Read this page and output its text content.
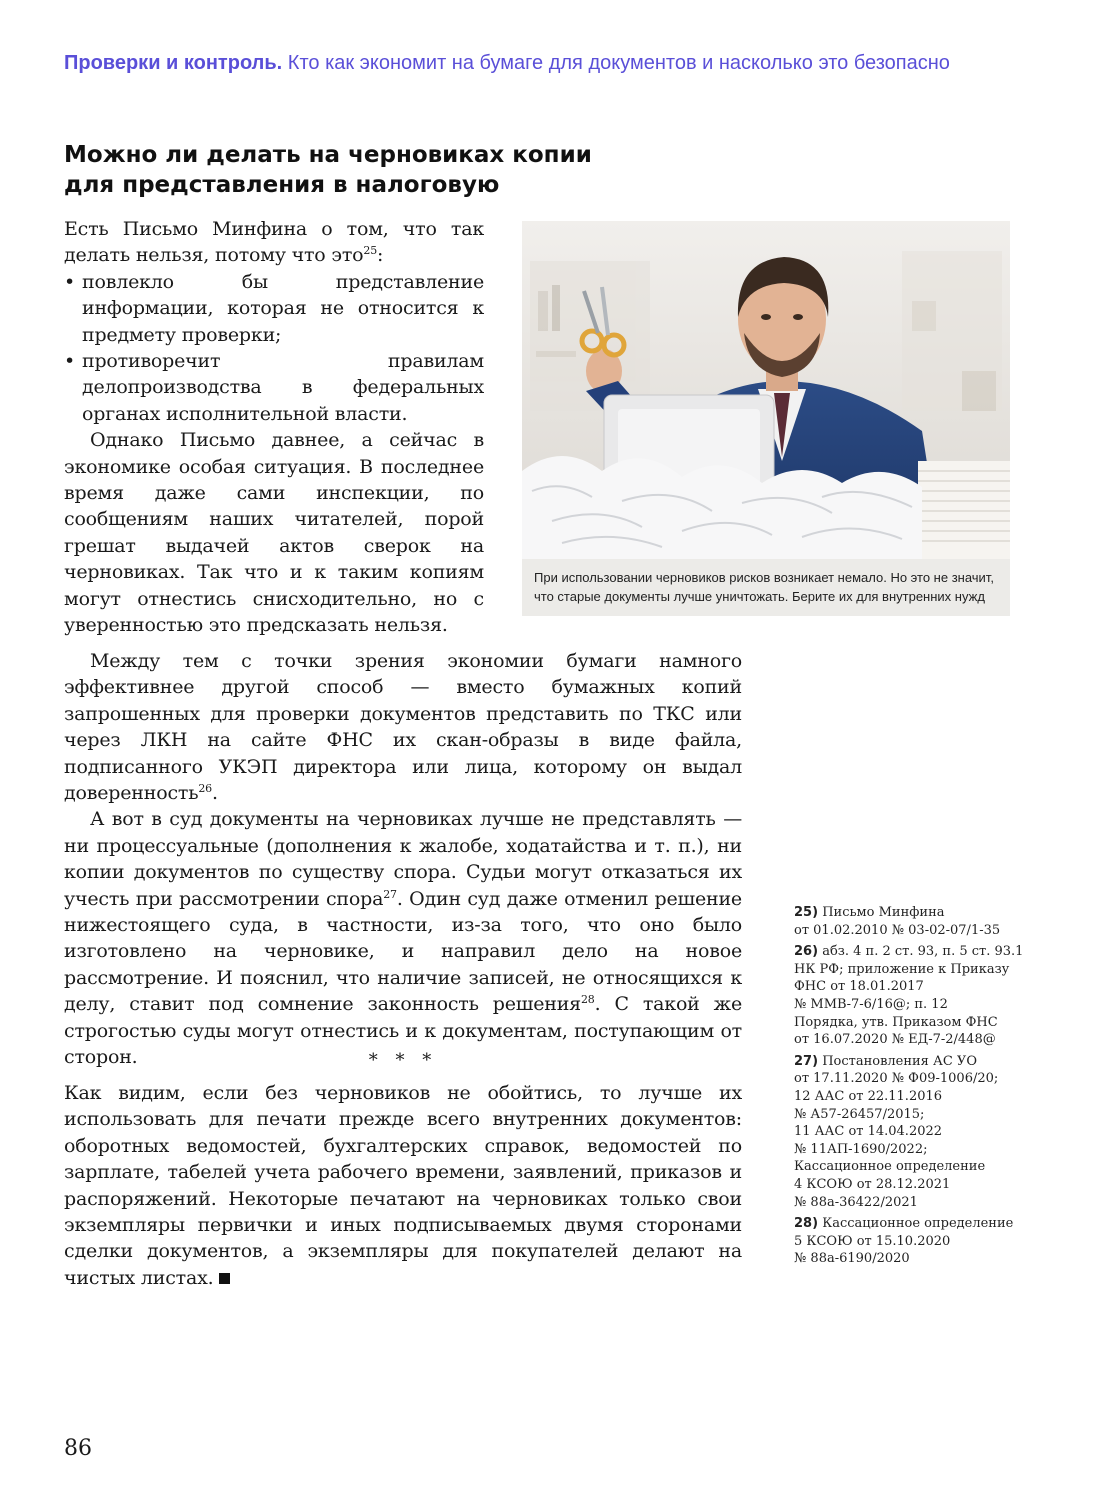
Проверки и контроль. Кто как экономит на бумаге для документов и насколько это безопасно
Можно ли делать на черновиках копии
для представления в налоговую

Есть Письмо Минфина о том, что так делать нельзя, потому что это$^{25}$:

• повлекло бы представление информации, которая не относится к предмету проверки;
• противоречит правилам делопроизводства в федеральных органах исполнительной власти.

Однако Письмо давнее, а сейчас в экономике особая ситуация. В последнее время даже сами инспекции, по сообщениям наших читателей, порой грешат выдачей актов сверок на черновиках. Так что и к таким копиям могут отнестись снисходительно, но с уверенностью это предсказать нельзя.

При использовании черновиков рисков возникает немало. Но это не значит,
что старые документы лучше уничтожать. Берите их для внутренних нужд

Между тем с точки зрения экономии бумаги намного эффективнее другой способ — вместо бумажных копий запрошенных для проверки документов представить по ТКС или через ЛКН на сайте ФНС их скан-образы в виде файла, подписанного УКЭП директора или лица, которому он выдал доверенность$^{26}$.

А вот в суд документы на черновиках лучше не представлять — ни процессуальные (дополнения к жалобе, ходатайства и т. п.), ни копии документов по существу спора. Судьи могут отказаться их учесть при рассмотрении спора$^{27}$. Один суд даже отменил решение нижестоящего суда, в частности, из-за того, что оно было изготовлено на черновике, и направил дело на новое рассмотрение. И пояснил, что наличие записей, не относящихся к делу, ставит под сомнение законность решения$^{28}$. С такой же строгостью суды могут отнестись и к документам, поступающим от сторон.	* * *

Как видим, если без черновиков не обойтись, то лучше их использовать для печати прежде всего внутренних документов: оборотных ведомостей, бухгалтерских справок, ведомостей по зарплате, табелей учета рабочего времени, заявлений, приказов и распоряжений. Некоторые печатают на черновиках только свои экземпляры первички и иных подписываемых двумя сторонами сделки документов, а экземпляры для покупателей делают на чистых листах.

25) Письмо Минфина
от 01.02.2010 № 03-02-07/1-35
26) абз. 4 п. 2 ст. 93, п. 5 ст. 93.1
НК РФ; приложение к Приказу
ФНС от 18.01.2017
№ ММВ-7-6/16@; п. 12
Порядка, утв. Приказом ФНС
от 16.07.2020 № ЕД-7-2/448@
27) Постановления АС УО
от 17.11.2020 № Ф09-1006/20;
12 ААС от 22.11.2016
№ А57-26457/2015;
11 ААС от 14.04.2022
№ 11АП-1690/2022;
Кассационное определение
4 КСОЮ от 28.12.2021
№ 88а-36422/2021
28) Кассационное определение
5 КСОЮ от 15.10.2020
№ 88а-6190/2020
86
